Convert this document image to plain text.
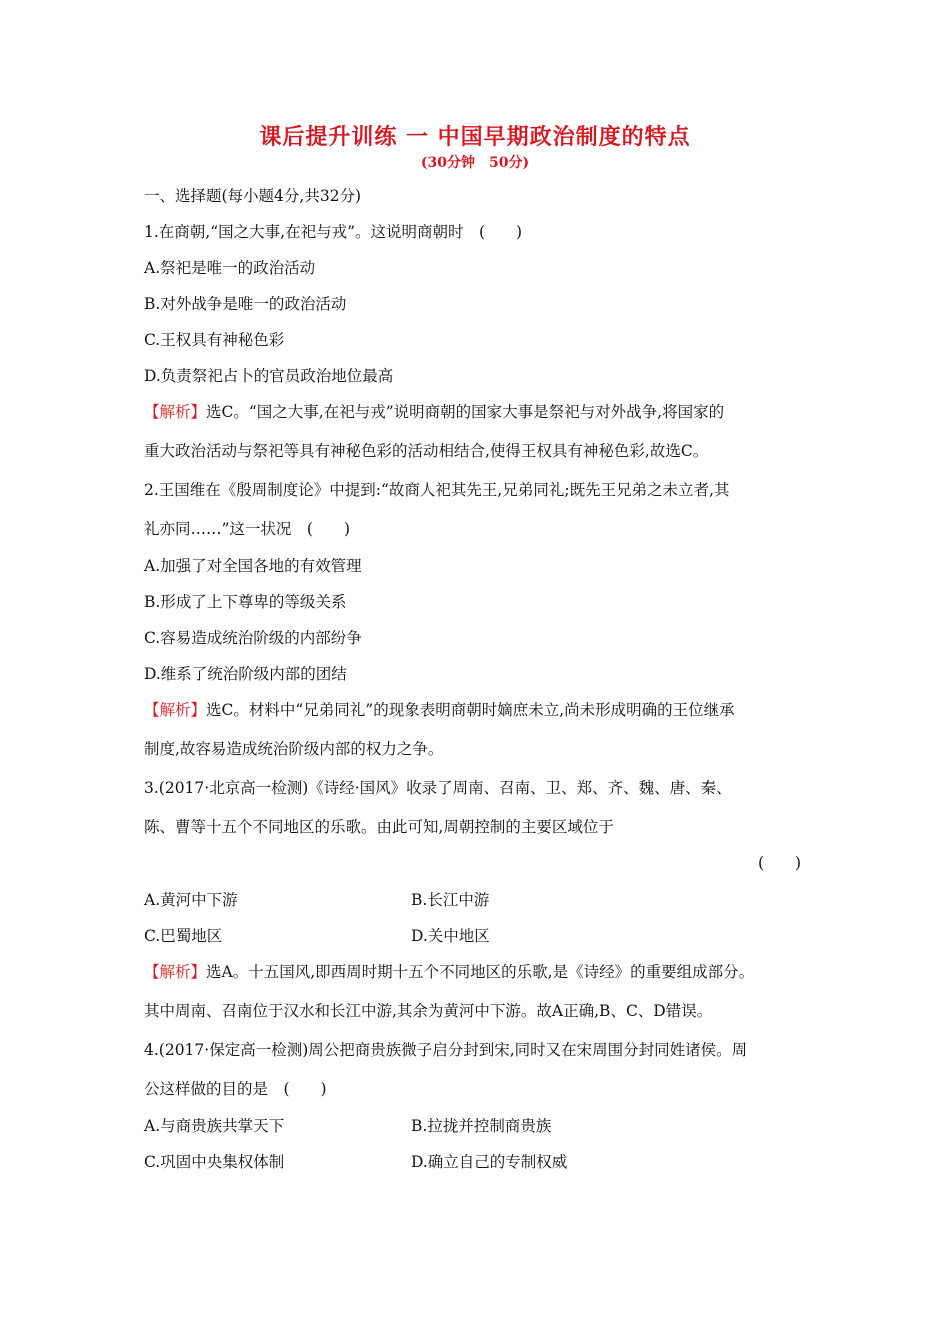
课后提升训练 一 中国早期政治制度的特点
(30分钟　50分)
一、选择题(每小题4分,共32分)
1.在商朝,“国之大事,在祀与戎”。这说明商朝时　(　　)
A.祭祀是唯一的政治活动
B.对外战争是唯一的政治活动
C.王权具有神秘色彩
D.负责祭祀占卜的官员政治地位最高
【解析】选C。“国之大事,在祀与戎”说明商朝的国家大事是祭祀与对外战争,将国家的
重大政治活动与祭祀等具有神秘色彩的活动相结合,使得王权具有神秘色彩,故选C。
2.王国维在《殷周制度论》中提到:“故商人祀其先王,兄弟同礼;既先王兄弟之未立者,其
礼亦同……”这一状况　(　　)
A.加强了对全国各地的有效管理
B.形成了上下尊卑的等级关系
C.容易造成统治阶级的内部纷争
D.维系了统治阶级内部的团结
【解析】选C。材料中“兄弟同礼”的现象表明商朝时嫡庶未立,尚未形成明确的王位继承
制度,故容易造成统治阶级内部的权力之争。
3.(2017·北京高一检测)《诗经·国风》收录了周南、召南、卫、郑、齐、魏、唐、秦、
陈、曹等十五个不同地区的乐歌。由此可知,周朝控制的主要区域位于
(　　)
A.黄河中下游	B.长江中游
C.巴蜀地区	D.关中地区
【解析】选A。十五国风,即西周时期十五个不同地区的乐歌,是《诗经》的重要组成部分。
其中周南、召南位于汉水和长江中游,其余为黄河中下游。故A正确,B、C、D错误。
4.(2017·保定高一检测)周公把商贵族微子启分封到宋,同时又在宋周围分封同姓诸侯。周
公这样做的目的是　(　　)
A.与商贵族共掌天下	B.拉拢并控制商贵族
C.巩固中央集权体制	D.确立自己的专制权威
